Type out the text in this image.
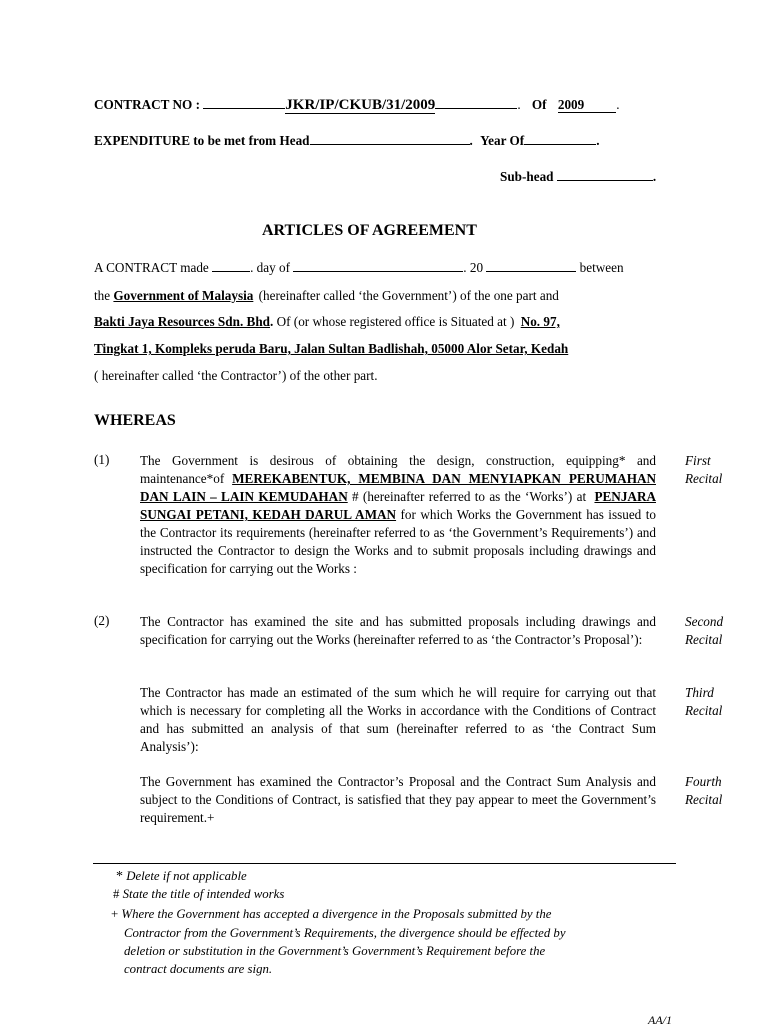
CONTRACT NO :	JKR/IP/CKUB/31/2009	. Of 2009 .
EXPENDITURE to be met from Head	. Year Of	.
Sub-head	.
ARTICLES OF AGREEMENT
A CONTRACT made	. day of	. 20	between
the Government of Malaysia (hereinafter called ‘the Government’) of the one part and
Bakti Jaya Resources Sdn. Bhd. Of (or whose registered office is Situated at ) No. 97,
Tingkat 1, Kompleks peruda Baru, Jalan Sultan Badlishah, 05000 Alor Setar, Kedah
( hereinafter called ‘the Contractor’) of the other part.
WHEREAS
(1) The Government is desirous of obtaining the design, construction, equipping* and maintenance*of MEREKABENTUK, MEMBINA DAN MENYIAPKAN PERUMAHAN DAN LAIN – LAIN KEMUDAHAN # (hereinafter referred to as the ‘Works’) at PENJARA SUNGAI PETANI, KEDAH DARUL AMAN for which Works the Government has issued to the Contractor its requirements (hereinafter referred to as ‘the Government’s Requirements’) and instructed the Contractor to design the Works and to submit proposals including drawings and specification for carrying out the Works :
First
Recital
(2) The Contractor has examined the site and has submitted proposals including drawings and specification for carrying out the Works (hereinafter referred to as ‘the Contractor’s Proposal’):
Second
Recital
The Contractor has made an estimated of the sum which he will require for carrying out that which is necessary for completing all the Works in accordance with the Conditions of Contract and has submitted an analysis of that sum (hereinafter referred to as ‘the Contract Sum Analysis’):
Third
Recital
The Government has examined the Contractor’s Proposal and the Contract Sum Analysis and subject to the Conditions of Contract, is satisfied that they pay appear to meet the Government’s requirement.+
Fourth
Recital
* Delete if not applicable
# State the title of intended works
+ Where the Government has accepted a divergence in the Proposals submitted by the
Contractor from the Government’s Requirements, the divergence should be effected by
deletion or substitution in the Government’s Government’s Requirement before the
contract documents are sign.
AA/1
